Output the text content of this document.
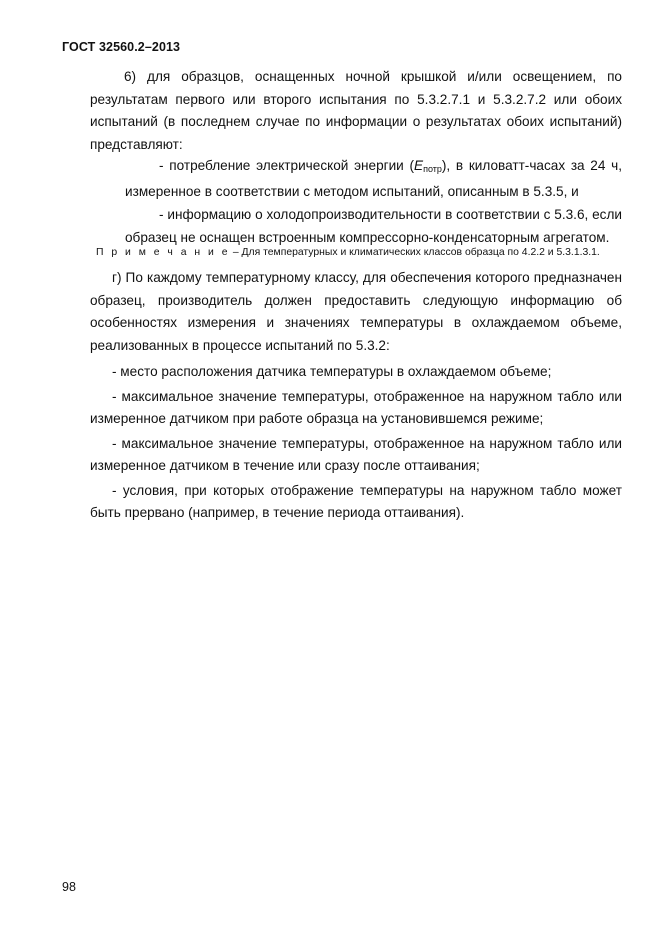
ГОСТ 32560.2–2013

6) для образцов, оснащенных ночной крышкой и/или освещением, по результатам первого или второго испытания по 5.3.2.7.1 и 5.3.2.7.2 или обоих испытаний (в последнем случае по информации о результатах обоих испытаний) представляют:

- потребление электрической энергии $(E_{потр})$, в киловатт-часах за 24 ч, измеренное в соответствии с методом испытаний, описанным в 5.3.5, и

- информацию о холодопроизводительности в соответствии с 5.3.6, если образец не оснащен встроенным компрессорно-конденсаторным агрегатом.

П р и м е ч а н и е – Для температурных и климатических классов образца по 4.2.2 и 5.3.1.3.1.

г) По каждому температурному классу, для обеспечения которого предназначен образец, производитель должен предоставить следующую информацию об особенностях измерения и значениях температуры в охлаждаемом объеме, реализованных в процессе испытаний по 5.3.2:

- место расположения датчика температуры в охлаждаемом объеме;

- максимальное значение температуры, отображенное на наружном табло или измеренное датчиком при работе образца на установившемся режиме;

- максимальное значение температуры, отображенное на наружном табло или измеренное датчиком в течение или сразу после оттаивания;

- условия, при которых отображение температуры на наружном табло может быть прервано (например, в течение периода оттаивания).

98
